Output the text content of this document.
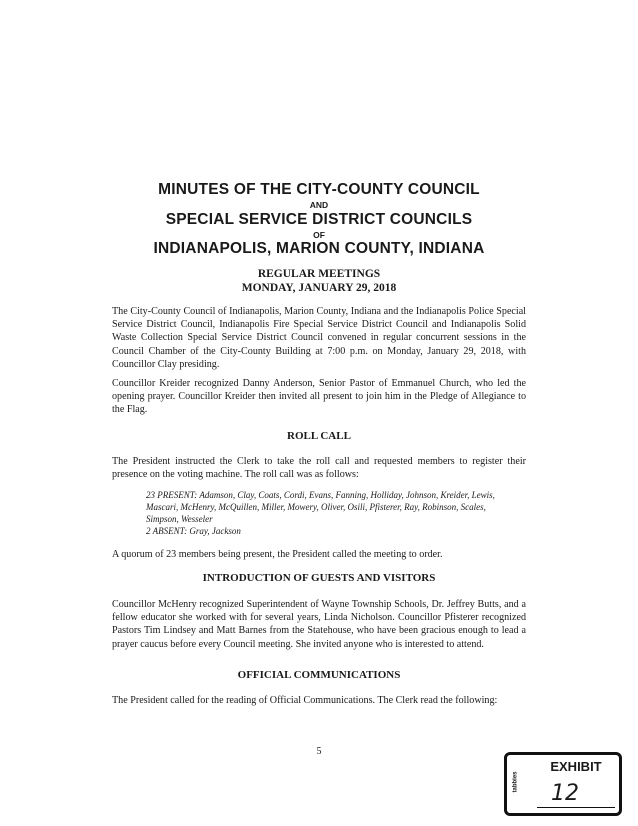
MINUTES OF THE CITY-COUNTY COUNCIL
AND
SPECIAL SERVICE DISTRICT COUNCILS
OF
INDIANAPOLIS, MARION COUNTY, INDIANA
REGULAR MEETINGS
MONDAY, JANUARY 29, 2018

The City-County Council of Indianapolis, Marion County, Indiana and the Indianapolis Police Special Service District Council, Indianapolis Fire Special Service District Council and Indianapolis Solid Waste Collection Special Service District Council convened in regular concurrent sessions in the Council Chamber of the City-County Building at 7:00 p.m. on Monday, January 29, 2018, with Councillor Clay presiding.

Councillor Kreider recognized Danny Anderson, Senior Pastor of Emmanuel Church, who led the opening prayer. Councillor Kreider then invited all present to join him in the Pledge of Allegiance to the Flag.

ROLL CALL

The President instructed the Clerk to take the roll call and requested members to register their presence on the voting machine. The roll call was as follows:

23 PRESENT: Adamson, Clay, Coats, Cordi, Evans, Fanning, Holliday, Johnson, Kreider, Lewis, Mascari, McHenry, McQuillen, Miller, Mowery, Oliver, Osili, Pfisterer, Ray, Robinson, Scales, Simpson, Wesseler

2 ABSENT: Gray, Jackson

A quorum of 23 members being present, the President called the meeting to order.

INTRODUCTION OF GUESTS AND VISITORS

Councillor McHenry recognized Superintendent of Wayne Township Schools, Dr. Jeffrey Butts, and a fellow educator she worked with for several years, Linda Nicholson. Councillor Pfisterer recognized Pastors Tim Lindsey and Matt Barnes from the Statehouse, who have been gracious enough to lead a prayer caucus before every Council meeting. She invited anyone who is interested to attend.

OFFICIAL COMMUNICATIONS

The President called for the reading of Official Communications. The Clerk read the following:

5
tabbies
EXHIBIT
12
